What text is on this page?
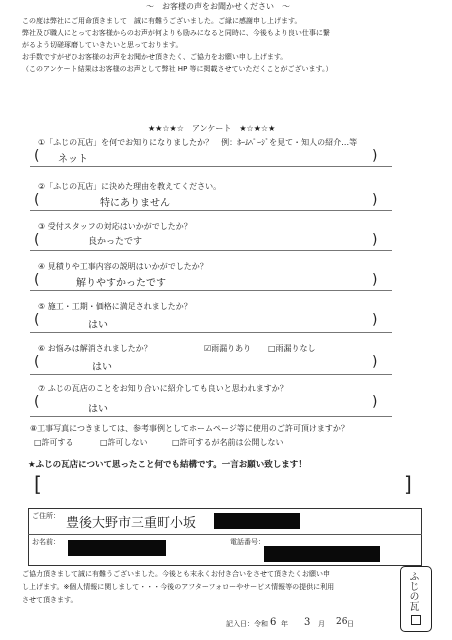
～　お客様の声をお聞かせください　～
この度は弊社にご用命頂きまして　誠に有難うございました。ご縁に感謝申し上げます。
弊社及び職人にとってお客様からのお声が何よりも励みになると同時に、今後もより良い仕事に繋
がるよう切磋琢磨していきたいと思っております。
お手数ですがぜひお客様のお声をお聞かせ頂きたく、ご協力をお願い申し上げます。
（このアンケート結果はお客様のお声として弊社 HP 等に掲載させていただくことがございます。）
★★☆★☆　アンケート　★☆★☆★
①「ふじの瓦店」を何でお知りになりましたか？　例：ﾎｰﾑﾍﾟｰｼﾞを見て・知人の紹介…等
( ネット	)
②「ふじの瓦店」に決めた理由を教えてください。
(	特にありません	)
③ 受付スタッフの対応はいかがでしたか？
(	良かったです	)
④ 見積りや工事内容の説明はいかがでしたか？
(	解りやすかったです	)
⑤ 施工・工期・価格に満足されましたか？
(	はい	)
⑥ お悩みは解消されましたか？	☑雨漏りあり □雨漏りなし
(	はい	)
⑦ ふじの瓦店のことをお知り合いに紹介しても良いと思われますか？
(	はい	)
⑧工事写真につきましては、参考事例としてホームページ等に使用のご許可頂けますか？
□許可する	□許可しない	□許可するが名前は公開しない
★ふじの瓦店について思ったこと何でも結構です。一言お願い致します！
[	]
ご住所： 豊後大野市三重町小坂
お名前：	電話番号：
ご協力頂きまして誠に有難うございました。今後とも末永くお付き合いをさせて頂きたくお願い申
し上げます。※個人情報に関しまして・・・今後のアフターフォローやサービス情報等の提供に利用
させて頂きます。
記入日：令和 6 年 3 月 26 日
ふじの瓦
